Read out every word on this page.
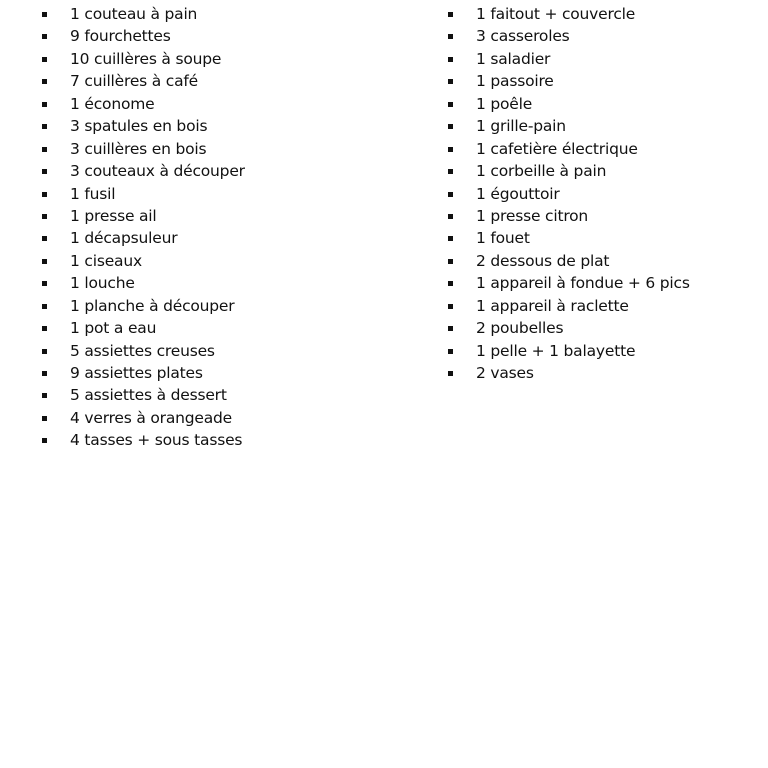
1 couteau à pain
9 fourchettes
10 cuillères à soupe
7 cuillères à café
1 économe
3 spatules en bois
3 cuillères en bois
3 couteaux à découper
1 fusil
1 presse ail
1 décapsuleur
1 ciseaux
1 louche
1 planche à découper
1 pot a eau
5 assiettes creuses
9 assiettes plates
5 assiettes à dessert
4 verres à orangeade
4 tasses + sous tasses
1 faitout + couvercle
3 casseroles
1 saladier
1 passoire
1 poêle
1 grille-pain
1 cafetière électrique
1 corbeille à pain
1 égouttoir
1 presse citron
1 fouet
2 dessous de plat
1 appareil à fondue + 6 pics
1 appareil à raclette
2 poubelles
1 pelle + 1 balayette
2 vases
